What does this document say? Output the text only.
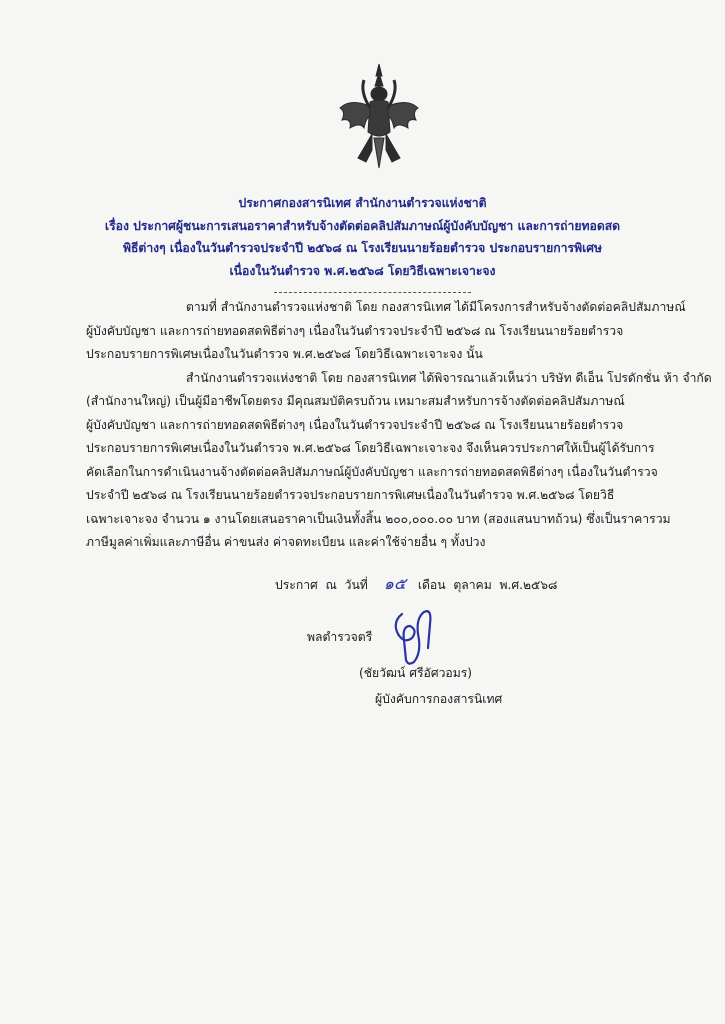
ประกาศกองสารนิเทศ สำนักงานตำรวจแห่งชาติ
เรื่อง ประกาศผู้ชนะการเสนอราคาสำหรับจ้างตัดต่อคลิปสัมภาษณ์ผู้บังคับบัญชา และการถ่ายทอดสด
พิธีต่างๆ เนื่องในวันตำรวจประจำปี ๒๕๖๘ ณ โรงเรียนนายร้อยตำรวจ ประกอบรายการพิเศษ
เนื่องในวันตำรวจ พ.ศ.๒๕๖๘ โดยวิธีเฉพาะเจาะจง
ตามที่ สำนักงานตำรวจแห่งชาติ โดย กองสารนิเทศ ได้มีโครงการสำหรับจ้างตัดต่อคลิปสัมภาษณ์
ผู้บังคับบัญชา และการถ่ายทอดสดพิธีต่างๆ เนื่องในวันตำรวจประจำปี ๒๕๖๘ ณ โรงเรียนนายร้อยตำรวจ
ประกอบรายการพิเศษเนื่องในวันตำรวจ พ.ศ.๒๕๖๘ โดยวิธีเฉพาะเจาะจง นั้น
สำนักงานตำรวจแห่งชาติ โดย กองสารนิเทศ ได้พิจารณาแล้วเห็นว่า บริษัท ดีเอ็น โปรดักชั่น ห้า จำกัด
(สำนักงานใหญ่) เป็นผู้มีอาชีพโดยตรง มีคุณสมบัติครบถ้วน เหมาะสมสำหรับการจ้างตัดต่อคลิปสัมภาษณ์
ผู้บังคับบัญชา และการถ่ายทอดสดพิธีต่างๆ เนื่องในวันตำรวจประจำปี ๒๕๖๘ ณ โรงเรียนนายร้อยตำรวจ
ประกอบรายการพิเศษเนื่องในวันตำรวจ พ.ศ.๒๕๖๘ โดยวิธีเฉพาะเจาะจง จึงเห็นควรประกาศให้เป็นผู้ได้รับการ
คัดเลือกในการดำเนินงานจ้างตัดต่อคลิปสัมภาษณ์ผู้บังคับบัญชา และการถ่ายทอดสดพิธีต่างๆ เนื่องในวันตำรวจ
ประจำปี ๒๕๖๘ ณ โรงเรียนนายร้อยตำรวจประกอบรายการพิเศษเนื่องในวันตำรวจ พ.ศ.๒๕๖๘ โดยวิธี
เฉพาะเจาะจง จำนวน ๑ งานโดยเสนอราคาเป็นเงินทั้งสิ้น ๒๐๐,๐๐๐.๐๐ บาท (สองแสนบาทถ้วน) ซึ่งเป็นราคารวม
ภาษีมูลค่าเพิ่มและภาษีอื่น ค่าขนส่ง ค่าจดทะเบียน และค่าใช้จ่ายอื่น ๆ ทั้งปวง
ประกาศ ณ วันที่ ๑๕ เดือน ตุลาคม พ.ศ.๒๕๖๘
พลตำรวจตรี
(ชัยวัฒน์ ศรีอัศวอมร)
ผู้บังคับการกองสารนิเทศ
